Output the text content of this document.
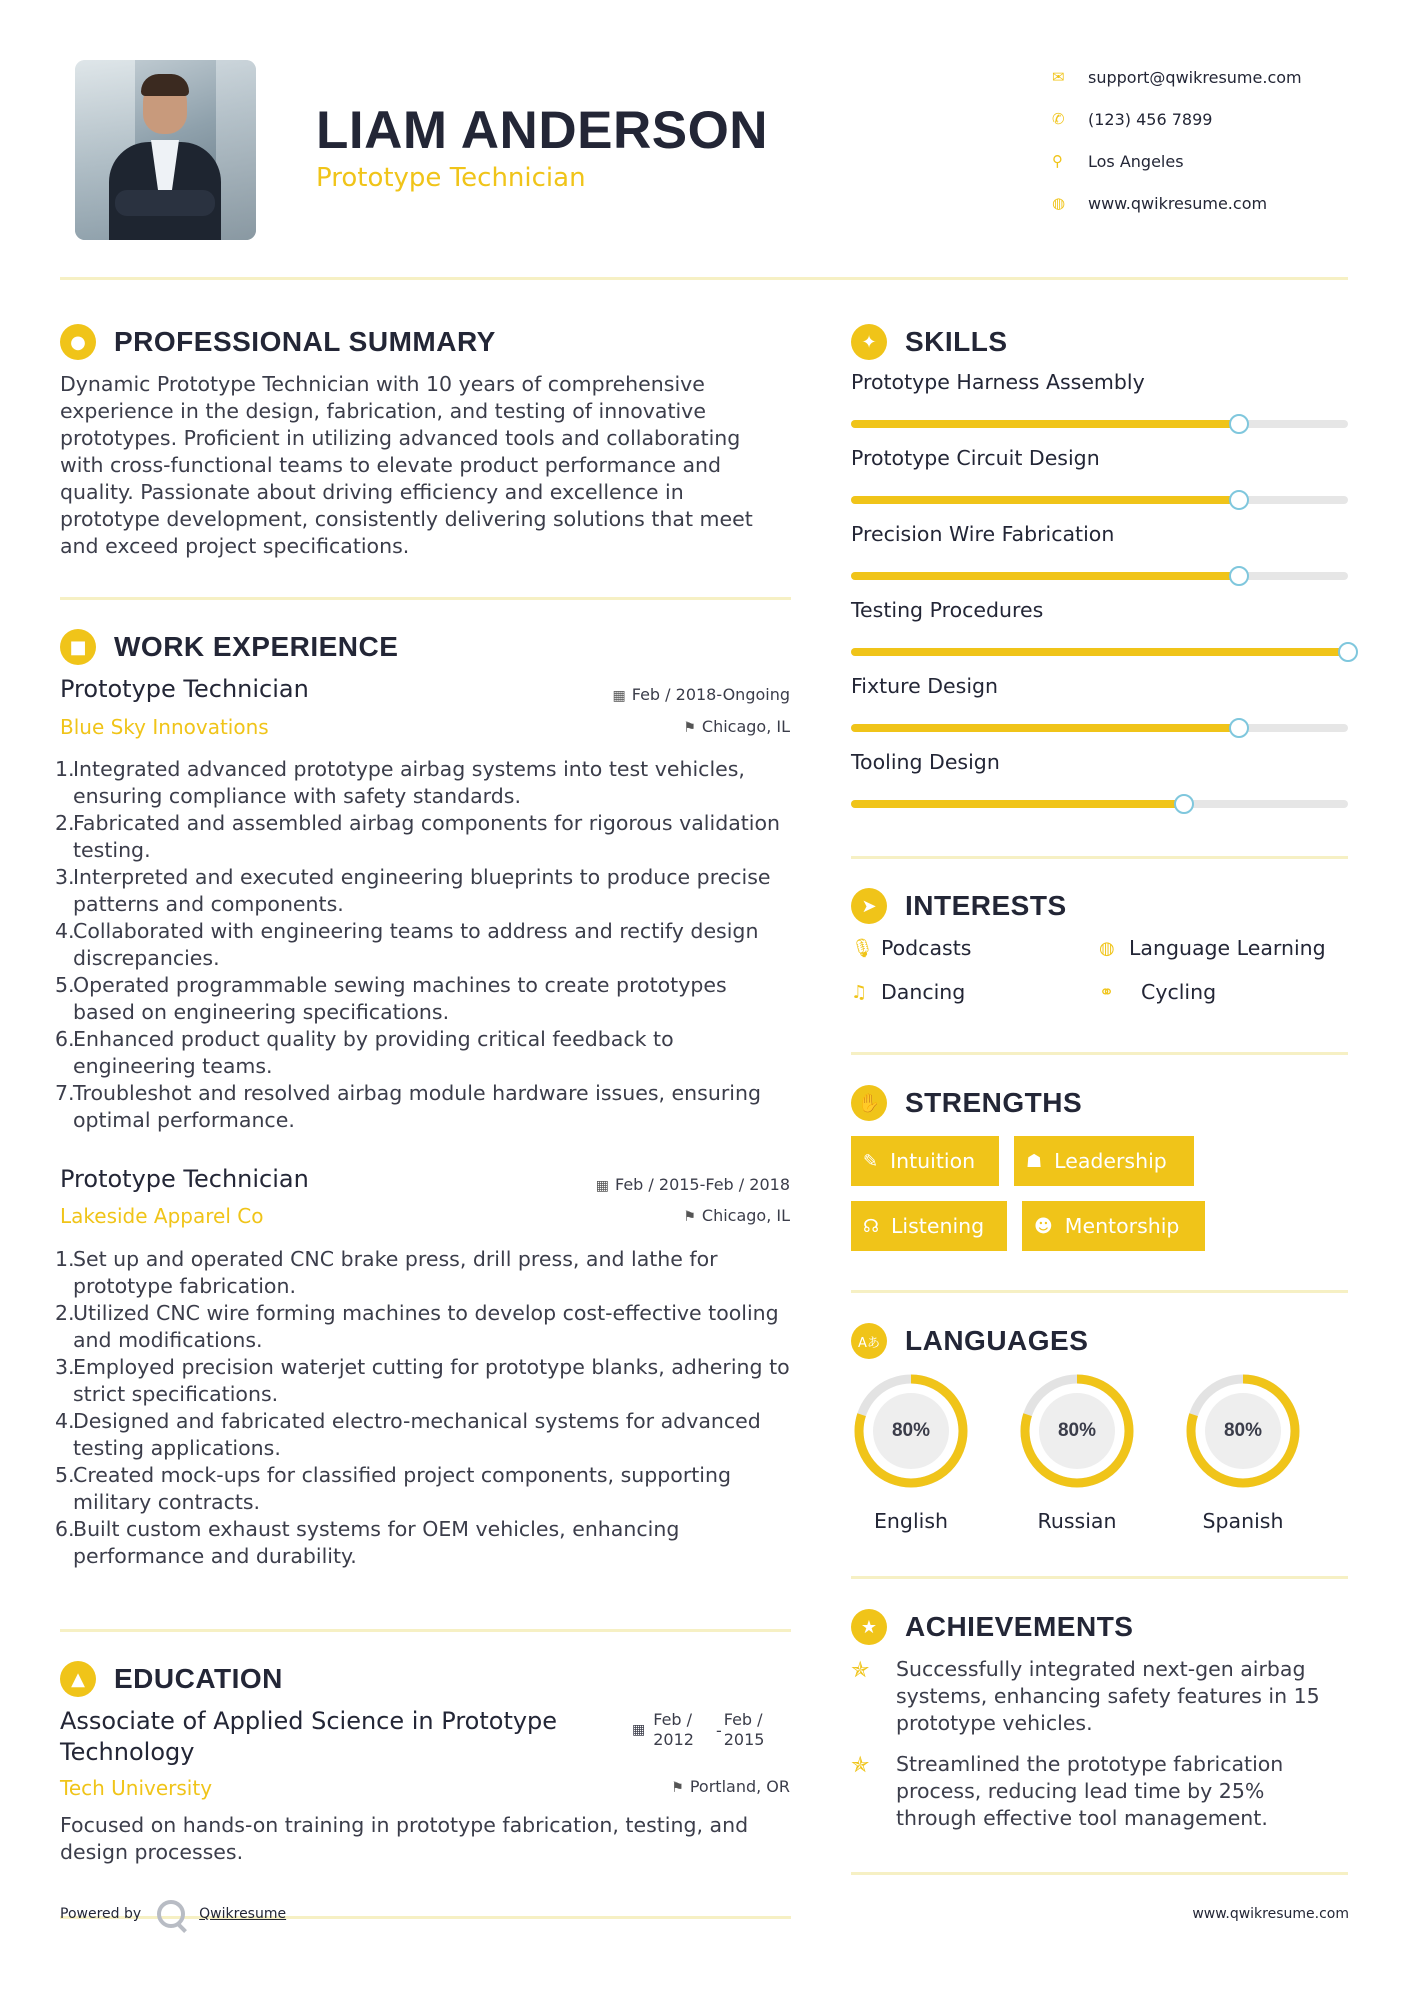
LIAM ANDERSON
Prototype Technician
✉	support@qwikresume.com
✆	(123) 456 7899
⚲	Los Angeles
◍	www.qwikresume.com
●	PROFESSIONAL SUMMARY
Dynamic Prototype Technician with 10 years of comprehensive experience in the design, fabrication, and testing of innovative prototypes. Proficient in utilizing advanced tools and collaborating with cross-functional teams to elevate product performance and quality. Passionate about driving efficiency and excellence in prototype development, consistently delivering solutions that meet and exceed project specifications.
■ WORK EXPERIENCE
Prototype Technician	▦ Feb / 2018-Ongoing
Blue Sky Innovations	⚑ Chicago, IL
1.
Integrated advanced prototype airbag systems into test vehicles, ensuring compliance with safety standards.
2.
Fabricated and assembled airbag components for rigorous validation testing.
3.
Interpreted and executed engineering blueprints to produce precise patterns and components.
4.
Collaborated with engineering teams to address and rectify design discrepancies.
5.
Operated programmable sewing machines to create prototypes based on engineering specifications.
6.
Enhanced product quality by providing critical feedback to engineering teams.
7.
Troubleshot and resolved airbag module hardware issues, ensuring optimal performance.
Prototype Technician	▦ Feb / 2015-Feb / 2018
Lakeside Apparel Co	⚑ Chicago, IL
1.
Set up and operated CNC brake press, drill press, and lathe for prototype fabrication.
2.
Utilized CNC wire forming machines to develop cost-effective tooling and modifications.
3.
Employed precision waterjet cutting for prototype blanks, adhering to strict specifications.
4.
Designed and fabricated electro-mechanical systems for advanced testing applications.
5.
Created mock-ups for classified project components, supporting military contracts.
6.
Built custom exhaust systems for OEM vehicles, enhancing performance and durability.
▲	EDUCATION
Associate of Applied Science in Prototype
Technology
▦
Feb /
2012 -
Feb /
2015
Tech University	⚑ Portland, OR
Focused on hands-on training in prototype fabrication, testing, and design processes.
✦	SKILLS
Prototype Harness Assembly
Prototype Circuit Design
Precision Wire Fabrication
Testing Procedures
Fixture Design
Tooling Design
➤	INTERESTS
🎙︎ Podcasts	◍ Language Learning
♫ Dancing	⚭	Cycling
✋ STRENGTHS
✎ Intuition	☗ Leadership
☊ Listening	☻ Mentorship
Aあ LANGUAGES
80%
English
80%
Russian
80%
Spanish
★ ACHIEVEMENTS
✯	Successfully integrated next-gen airbag systems, enhancing safety features in 15 prototype vehicles.
✯	Streamlined the prototype fabrication process, reducing lead time by 25% through effective tool management.
Powered by	Qwikresume	www.qwikresume.com
